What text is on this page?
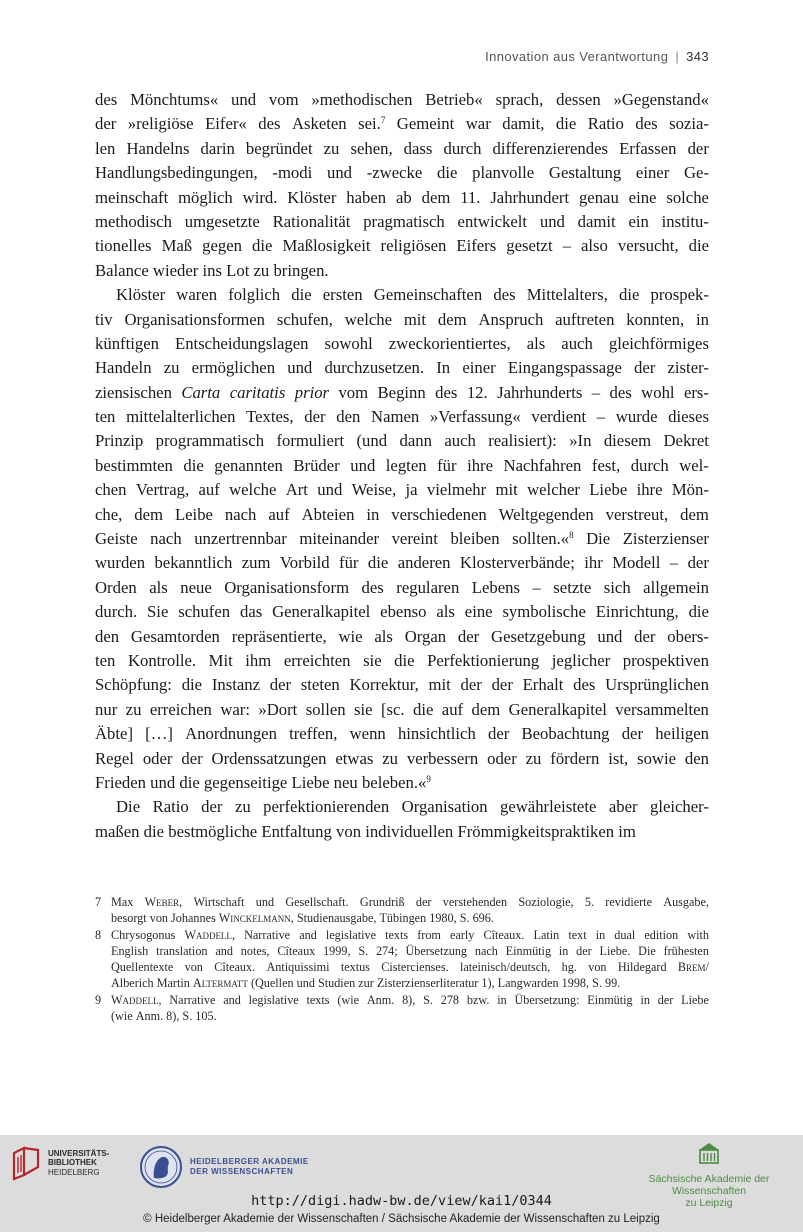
Innovation aus Verantwortung | 343
des Mönchtums« und vom »methodischen Betrieb« sprach, dessen »Gegenstand«
der »religiöse Eifer« des Asketen sei.$^7$ Gemeint war damit, die Ratio des sozia-
len Handelns darin begründet zu sehen, dass durch differenzierendes Erfassen der
Handlungsbedingungen, -modi und -zwecke die planvolle Gestaltung einer Ge-
meinschaft möglich wird. Klöster haben ab dem 11. Jahrhundert genau eine solche
methodisch umgesetzte Rationalität pragmatisch entwickelt und damit ein institu-
tionelles Maß gegen die Maßlosigkeit religiösen Eifers gesetzt – also versucht, die
Balance
wieder
ins
Lot
zu
bringen.

Klöster waren folglich die ersten Gemeinschaften des Mittelalters, die prospek-
tiv Organisationsformen schufen, welche mit dem Anspruch auftreten konnten, in
künftigen Entscheidungslagen sowohl zweckorientiertes, als auch gleichförmiges
Handeln zu ermöglichen und durchzusetzen. In einer Eingangspassage der zister-
ziensischen Carta caritatis prior vom Beginn des 12. Jahrhunderts – des wohl ers-
ten mittelalterlichen Textes, der den Namen »Verfassung« verdient – wurde dieses
Prinzip programmatisch formuliert (und dann auch realisiert): »In diesem Dekret
bestimmten die genannten Brüder und legten für ihre Nachfahren fest, durch wel-
chen Vertrag, auf welche Art und Weise, ja vielmehr mit welcher Liebe ihre Mön-
che, dem Leibe nach auf Abteien in verschiedenen Weltgegenden verstreut, dem
Geiste nach unzertrennbar miteinander vereint bleiben sollten.«$^8$ Die Zisterzienser
wurden bekanntlich zum Vorbild für die anderen Klosterverbände; ihr Modell – der
Orden als neue Organisationsform des regularen Lebens – setzte sich allgemein
durch. Sie schufen das Generalkapitel ebenso als eine symbolische Einrichtung, die
den Gesamtorden repräsentierte, wie als Organ der Gesetzgebung und der obers-
ten Kontrolle. Mit ihm erreichten sie die Perfektionierung jeglicher prospektiven
Schöpfung: die Instanz der steten Korrektur, mit der der Erhalt des Ursprünglichen
nur zu erreichen war: »Dort sollen sie [sc. die auf dem Generalkapitel versammelten
Äbte] […] Anordnungen treffen, wenn hinsichtlich der Beobachtung der heiligen
Regel oder der Ordenssatzungen etwas zu verbessern oder zu fördern ist, sowie den
Frieden
und
die
gegenseitige
Liebe
neu
beleben.«$^9$

Die Ratio der zu perfektionierenden Organisation gewährleistete aber gleicher-
maßen
die
bestmögliche
Entfaltung
von
individuellen
Frömmigkeitspraktiken
im

7 Max Weber, Wirtschaft und Gesellschaft. Grundriß der verstehenden Soziologie, 5. revidierte Ausgabe,
besorgt
von
Johannes
Winckelmann,
Studienausgabe,
Tübingen
1980,
S.
696.

8 Chrysogonus Waddell, Narrative and legislative texts from early Cîteaux. Latin text in dual edition with
English translation and notes, Cîteaux 1999, S. 274; Übersetzung nach Einmütig in der Liebe. Die frühesten
Quellentexte von Cîteaux. Antiquissimi textus Cistercienses. lateinisch/deutsch, hg. von Hildegard Brem/
Alberich
Martin
Altermatt
(Quellen
und
Studien
zur
Zisterzienserliteratur
1),
Langwarden
1998,
S.
99.

9 Waddell, Narrative and legislative texts (wie Anm. 8), S. 278 bzw. in Übersetzung: Einmütig in der Liebe
(wie
Anm.
8),
S.
105.

UNIVERSITÄTS-
BIBLIOTHEK
HEIDELBERG
HEIDELBERGER AKADEMIE
DER WISSENSCHAFTEN
Sächsische Akademie der Wissenschaften
zu Leipzig
http://digi.hadw-bw.de/view/kai1/0344
© Heidelberger Akademie der Wissenschaften / Sächsische Akademie der Wissenschaften zu Leipzig
